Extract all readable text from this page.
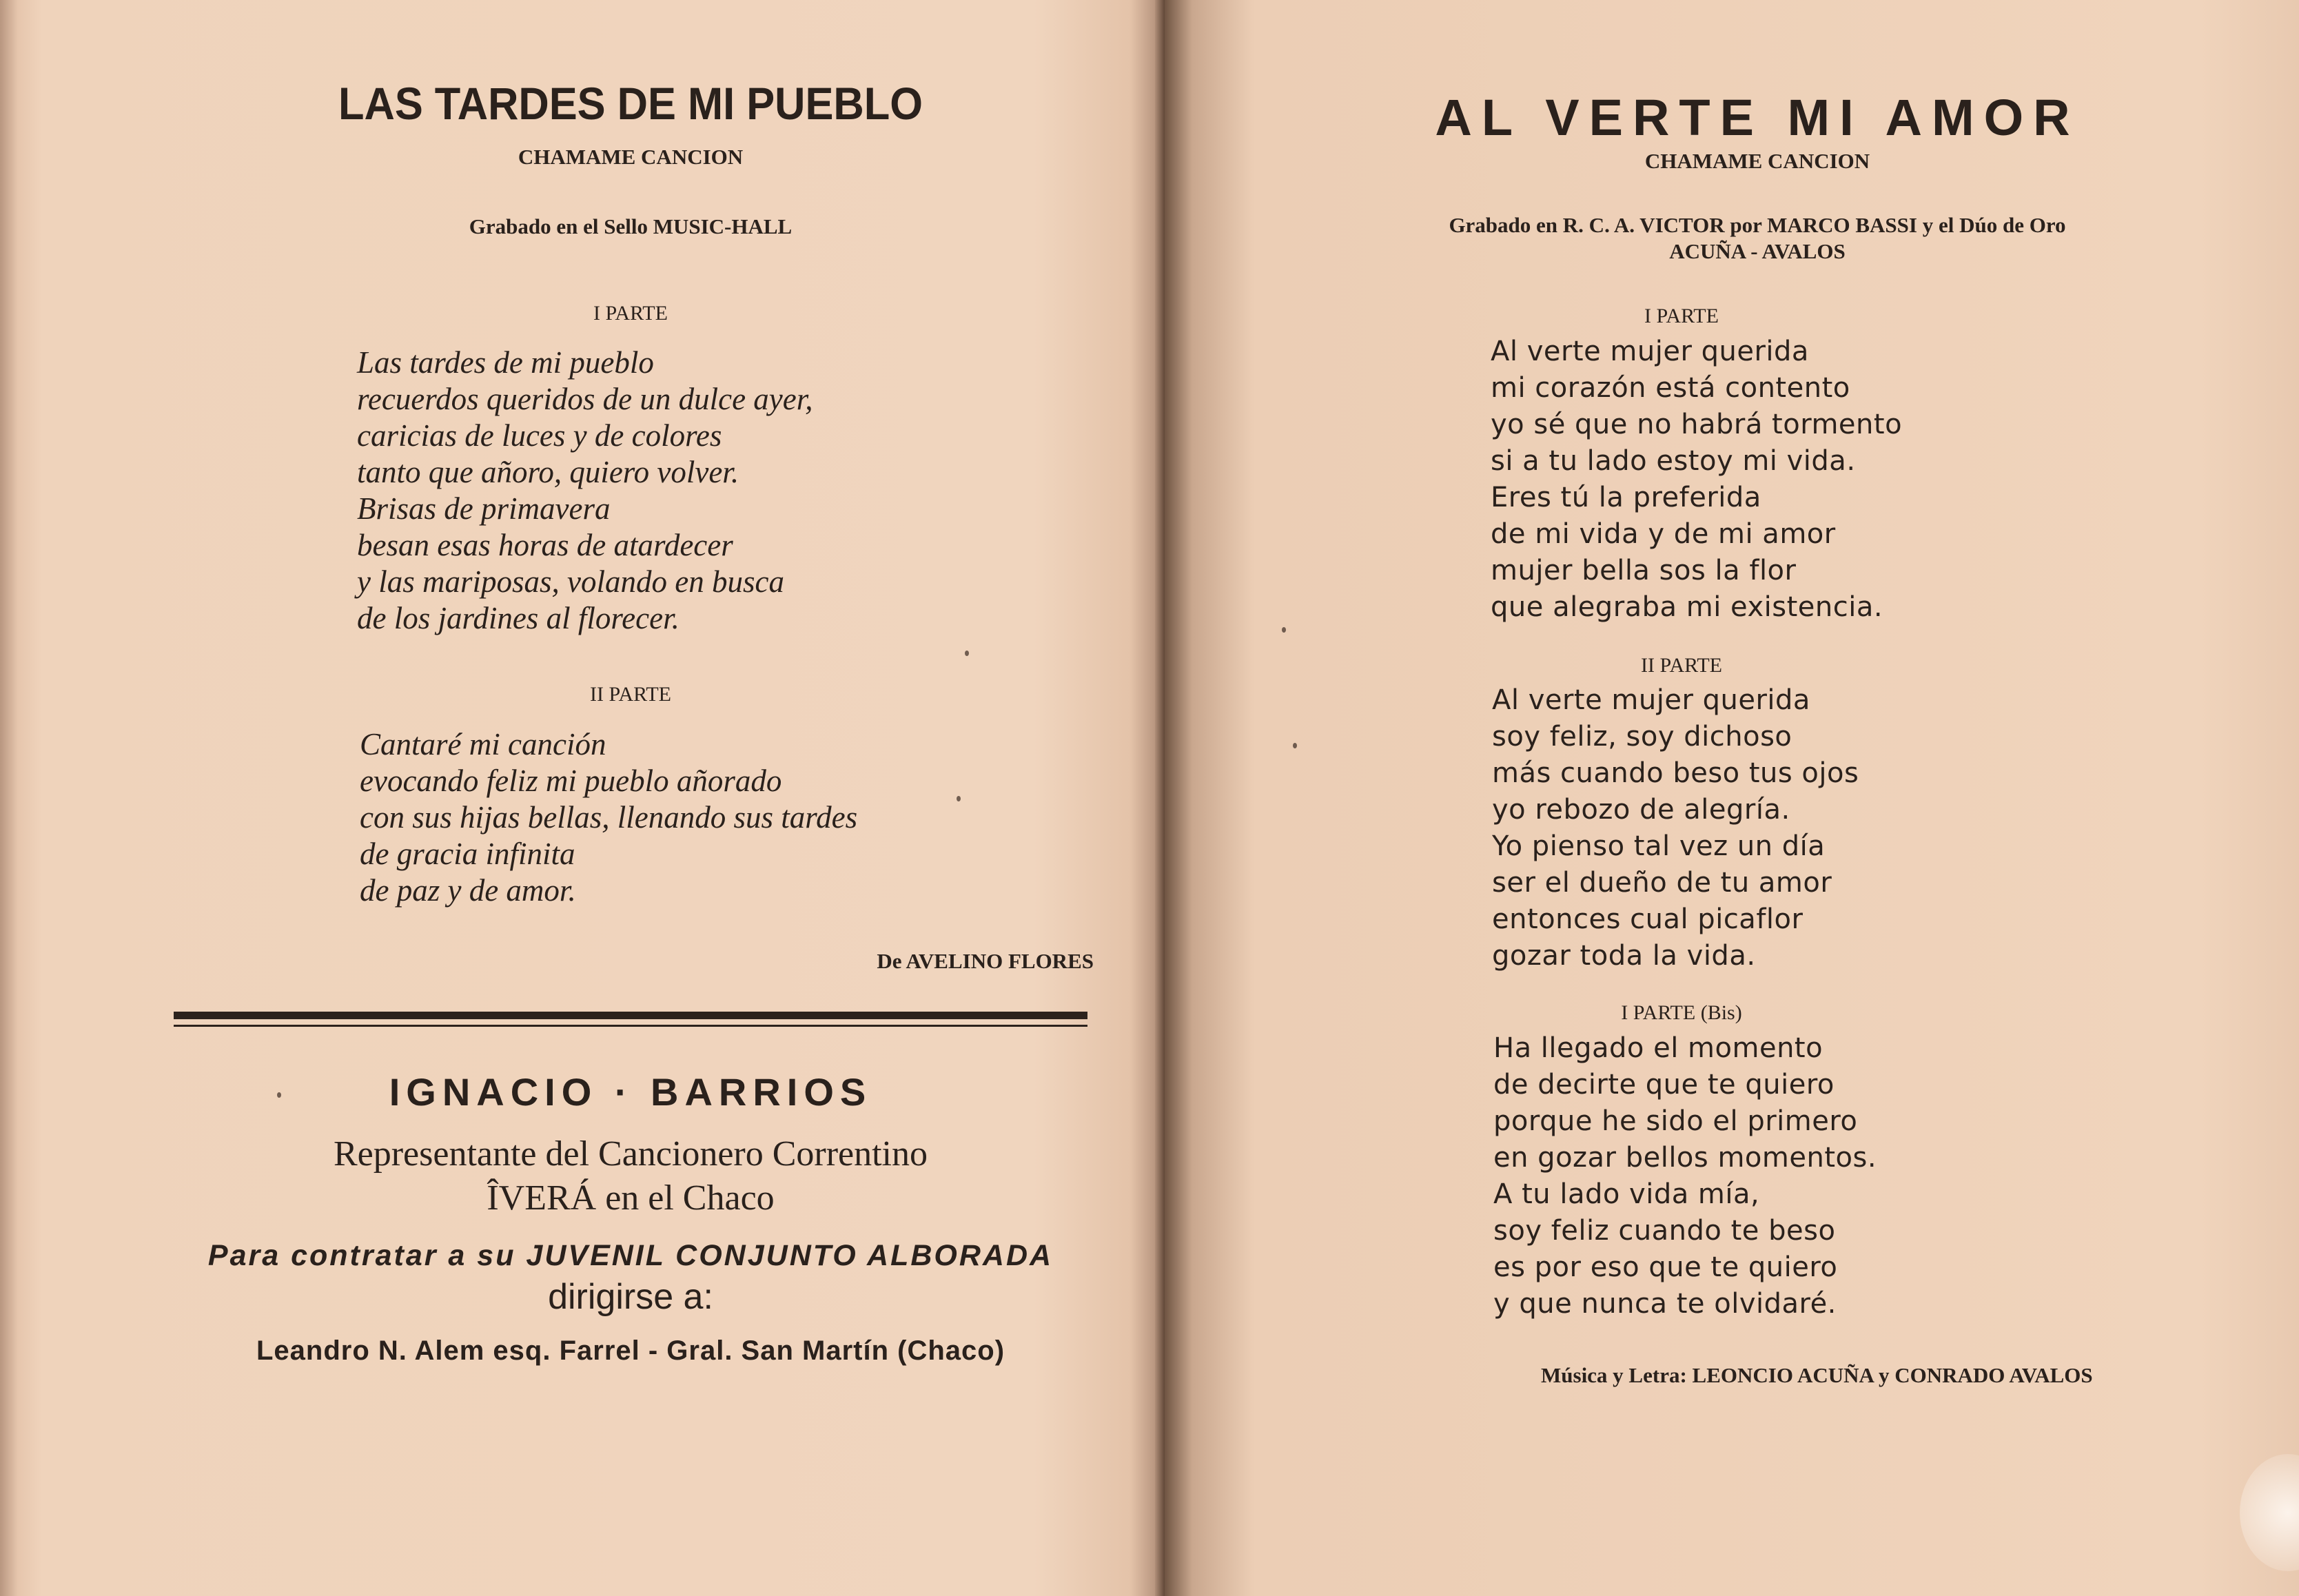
LAS TARDES DE MI PUEBLO
CHAMAME CANCION
Grabado en el Sello MUSIC-HALL
I PARTE
Las tardes de mi pueblo
recuerdos queridos de un dulce ayer,
caricias de luces y de colores
tanto que añoro, quiero volver.
Brisas de primavera
besan esas horas de atardecer
y las mariposas, volando en busca
de los jardines al florecer.
II PARTE
Cantaré mi canción
evocando feliz mi pueblo añorado
con sus hijas bellas, llenando sus tardes
de gracia infinita
de paz y de amor.
De AVELINO FLORES
IGNACIO · BARRIOS
Representante del Cancionero Correntino
ÎVERÁ en el Chaco
Para contratar a su JUVENIL CONJUNTO ALBORADA
dirigirse a:
Leandro N. Alem esq. Farrel - Gral. San Martín (Chaco)
AL VERTE MI AMOR
CHAMAME CANCION
Grabado en R. C. A. VICTOR por MARCO BASSI y el Dúo de Oro
ACUÑA - AVALOS
I PARTE
Al verte mujer querida
mi corazón está contento
yo sé que no habrá tormento
si a tu lado estoy mi vida.
Eres tú la preferida
de mi vida y de mi amor
mujer bella sos la flor
que alegraba mi existencia.
II PARTE
Al verte mujer querida
soy feliz, soy dichoso
más cuando beso tus ojos
yo rebozo de alegría.
Yo pienso tal vez un día
ser el dueño de tu amor
entonces cual picaflor
gozar toda la vida.
I PARTE (Bis)
Ha llegado el momento
de decirte que te quiero
porque he sido el primero
en gozar bellos momentos.
A tu lado vida mía,
soy feliz cuando te beso
es por eso que te quiero
y que nunca te olvidaré.
Música y Letra: LEONCIO ACUÑA y CONRADO AVALOS
